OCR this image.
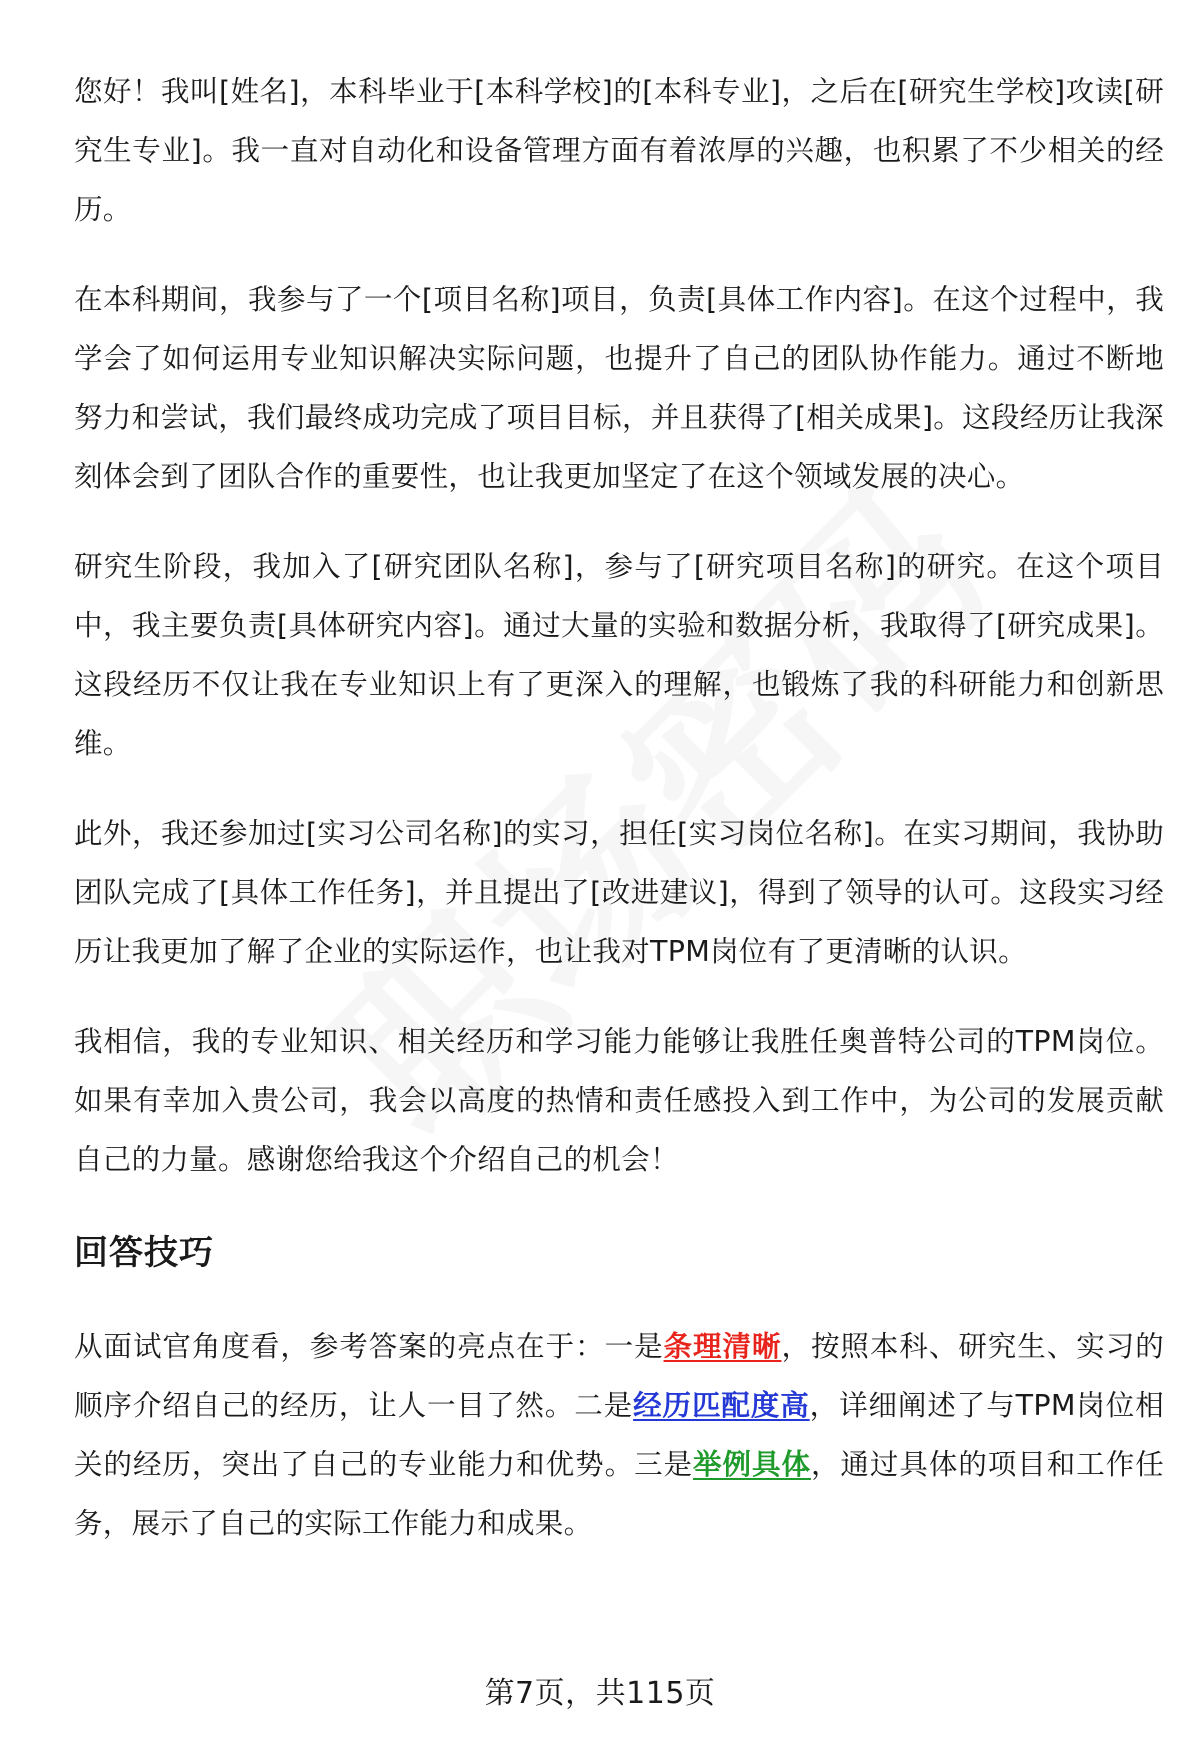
您好！我叫[姓名]，本科毕业于[本科学校]的[本科专业]，之后在[研究生学校]攻读[研究生专业]。我一直对自动化和设备管理方面有着浓厚的兴趣，也积累了不少相关的经历。

在本科期间，我参与了一个[项目名称]项目，负责[具体工作内容]。在这个过程中，我学会了如何运用专业知识解决实际问题，也提升了自己的团队协作能力。通过不断地努力和尝试，我们最终成功完成了项目目标，并且获得了[相关成果]。这段经历让我深刻体会到了团队合作的重要性，也让我更加坚定了在这个领域发展的决心。

研究生阶段，我加入了[研究团队名称]，参与了[研究项目名称]的研究。在这个项目中，我主要负责[具体研究内容]。通过大量的实验和数据分析，我取得了[研究成果]。这段经历不仅让我在专业知识上有了更深入的理解，也锻炼了我的科研能力和创新思维。

此外，我还参加过[实习公司名称]的实习，担任[实习岗位名称]。在实习期间，我协助团队完成了[具体工作任务]，并且提出了[改进建议]，得到了领导的认可。这段实习经历让我更加了解了企业的实际运作，也让我对TPM岗位有了更清晰的认识。

我相信，我的专业知识、相关经历和学习能力能够让我胜任奥普特公司的TPM岗位。如果有幸加入贵公司，我会以高度的热情和责任感投入到工作中，为公司的发展贡献自己的力量。感谢您给我这个介绍自己的机会！

回答技巧

从面试官角度看，参考答案的亮点在于：一是条理清晰，按照本科、研究生、实习的顺序介绍自己的经历，让人一目了然。二是经历匹配度高，详细阐述了与TPM岗位相关的经历，突出了自己的专业能力和优势。三是举例具体，通过具体的项目和工作任务，展示了自己的实际工作能力和成果。

第7页，共115页
